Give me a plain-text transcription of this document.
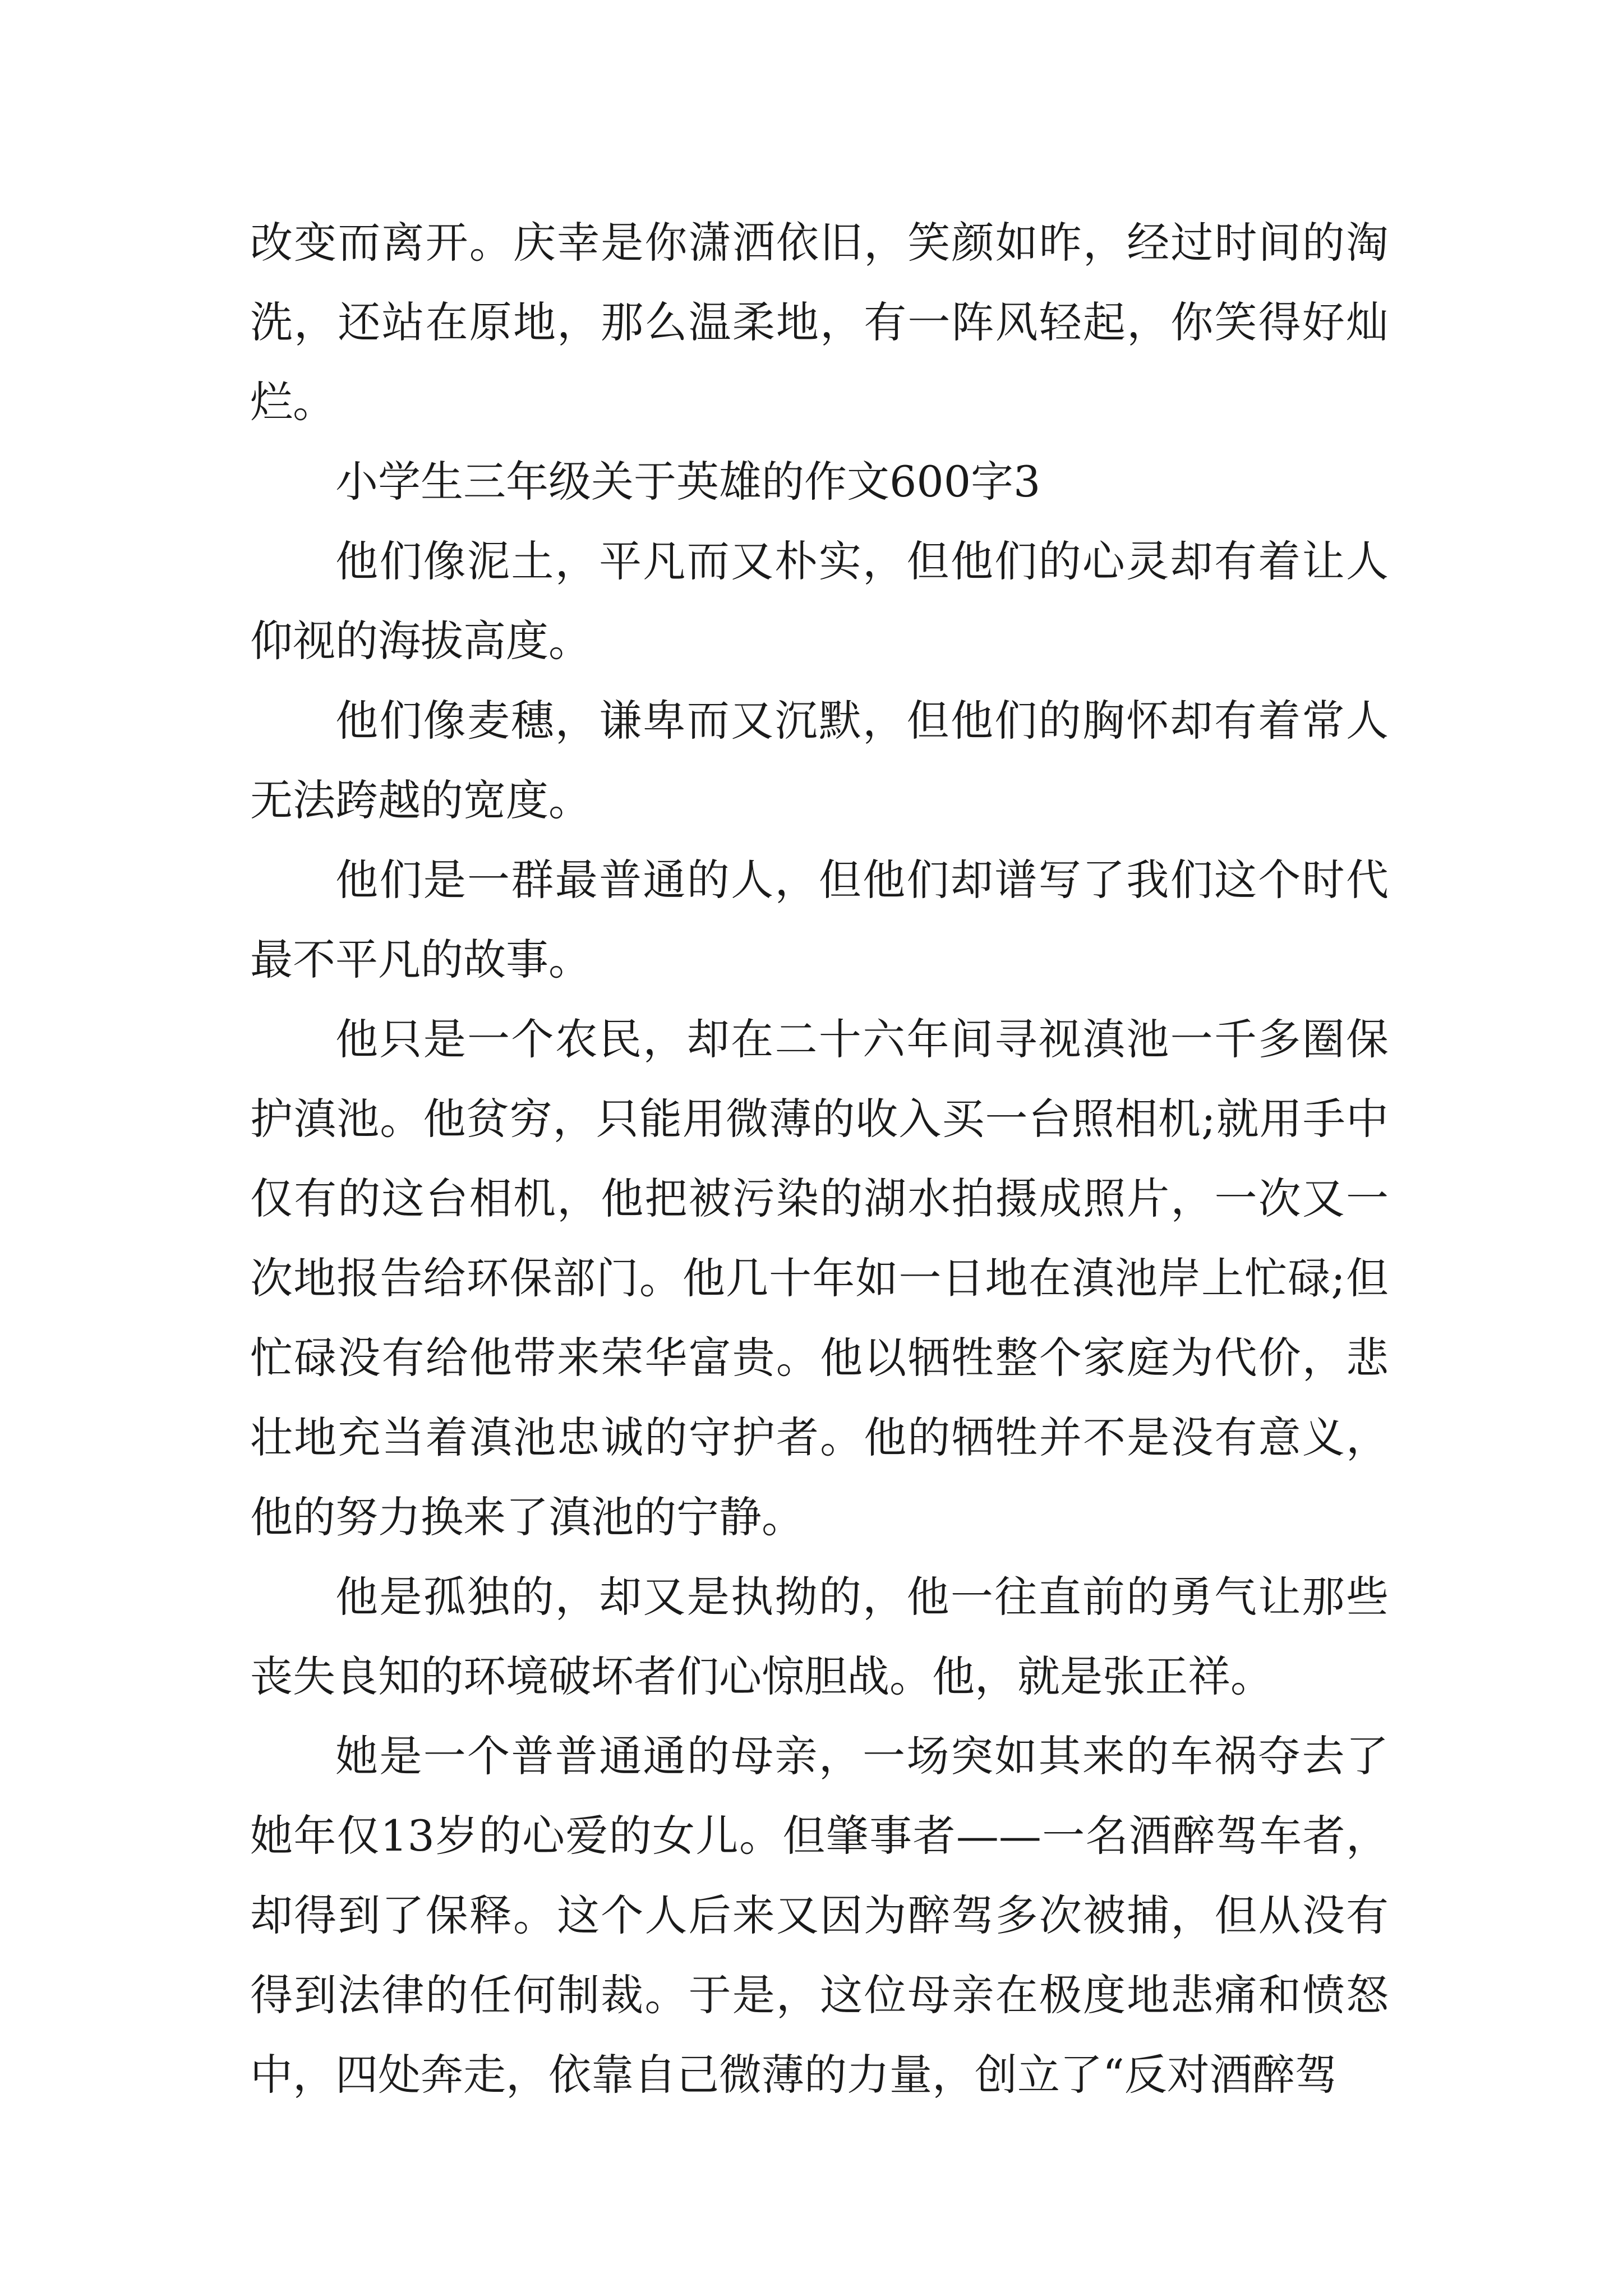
改变而离开。庆幸是你潇洒依旧，笑颜如昨，经过时间的淘洗，还站在原地，那么温柔地，有一阵风轻起，你笑得好灿烂。

小学生三年级关于英雄的作文600字3

他们像泥土，平凡而又朴实，但他们的心灵却有着让人仰视的海拔高度。

他们像麦穗，谦卑而又沉默，但他们的胸怀却有着常人无法跨越的宽度。

他们是一群最普通的人，但他们却谱写了我们这个时代最不平凡的故事。

他只是一个农民，却在二十六年间寻视滇池一千多圈保护滇池。他贫穷，只能用微薄的收入买一台照相机;就用手中仅有的这台相机，他把被污染的湖水拍摄成照片，一次又一次地报告给环保部门。他几十年如一日地在滇池岸上忙碌;但忙碌没有给他带来荣华富贵。他以牺牲整个家庭为代价，悲壮地充当着滇池忠诚的守护者。他的牺牲并不是没有意义，他的努力换来了滇池的宁静。

他是孤独的，却又是执拗的，他一往直前的勇气让那些丧失良知的环境破坏者们心惊胆战。他，就是张正祥。

她是一个普普通通的母亲，一场突如其来的车祸夺去了她年仅13岁的心爱的女儿。但肇事者——一名酒醉驾车者，却得到了保释。这个人后来又因为醉驾多次被捕，但从没有得到法律的任何制裁。于是，这位母亲在极度地悲痛和愤怒中，四处奔走，依靠自己微薄的力量，创立了“反对酒醉驾
